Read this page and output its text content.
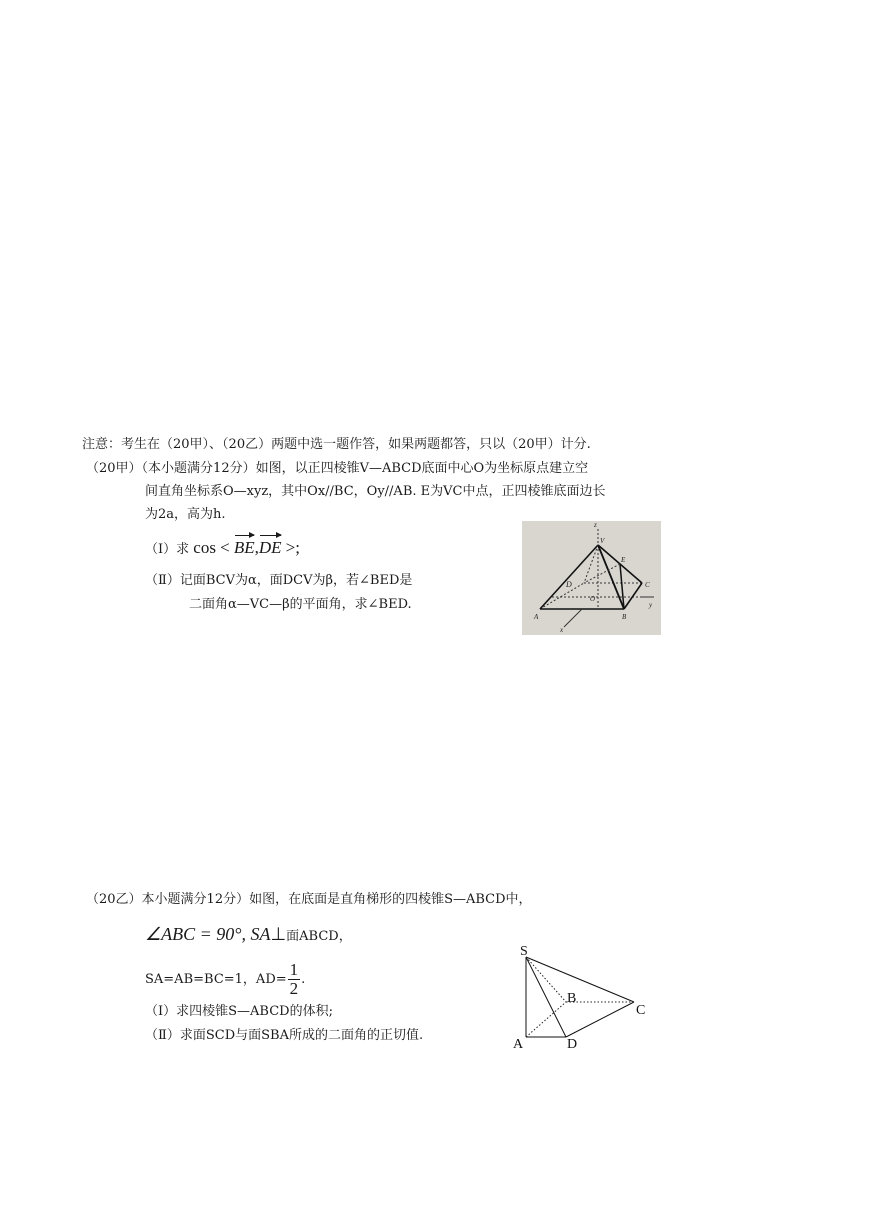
注意：考生在（20甲）、（20乙）两题中选一题作答，如果两题都答，只以（20甲）计分.
（20甲）（本小题满分12分）如图，以正四棱锥V—ABCD底面中心O为坐标原点建立空
间直角坐标系O—xyz，其中Ox//BC，Oy//AB. E为VC中点，正四棱锥底面边长
为2a，高为h.
（Ⅰ）求 cos < BE,DE >;
（Ⅱ）记面BCV为α，面DCV为β，若∠BED是
二面角α—VC—β的平面角，求∠BED.
z
V
E
C
D
O
A	B
x
y
（20乙）本小题满分12分）如图，在底面是直角梯形的四棱锥S—ABCD中，
∠ABC = 90°, SA⊥面ABCD，
SA=AB=BC=1，$AD= \frac{1}{2}$ .
（Ⅰ）求四棱锥S—ABCD的体积;
（Ⅱ）求面SCD与面SBA所成的二面角的正切值.
S
B
C
A	D
